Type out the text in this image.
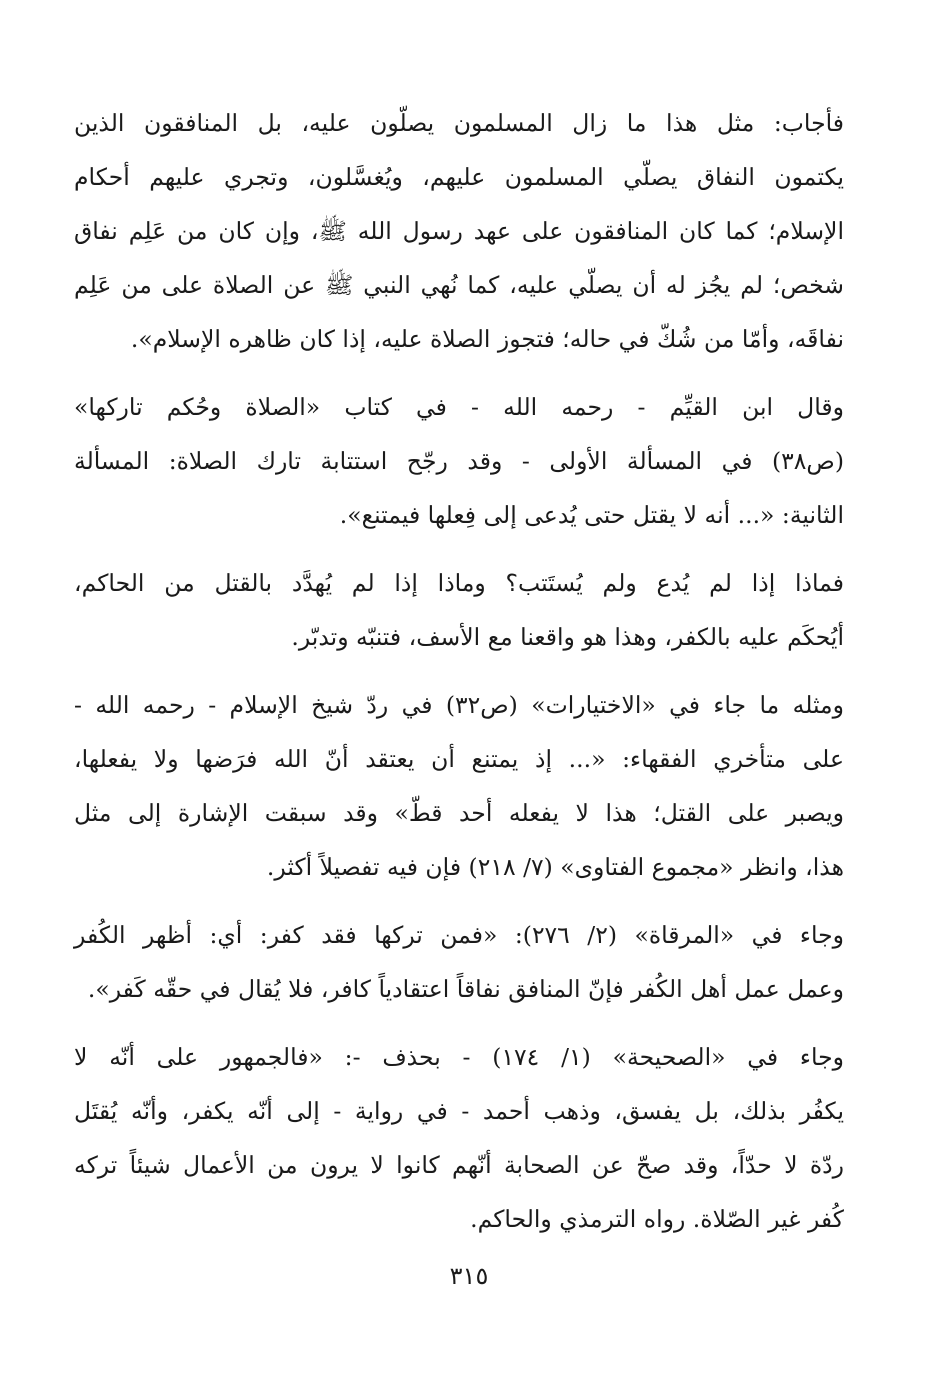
فأجاب: مثل هذا ما زال المسلمون يصلّون عليه، بل المنافقون الذين
يكتمون النفاق يصلّي المسلمون عليهم، ويُغسَّلون، وتجري عليهم أحكام
الإسلام؛ كما كان المنافقون على عهد رسول الله ﷺ، وإن كان من عَلِم نفاق
شخص؛ لم يجُز له أن يصلّي عليه، كما نُهي النبي ﷺ عن الصلاة على من عَلِم
نفاقَه، وأمّا من شُكّ في حاله؛ فتجوز الصلاة عليه، إذا كان ظاهره الإسلام».
وقال ابن القيِّم - رحمه الله - في كتاب «الصلاة وحُكم تاركها»
(ص٣٨) في المسألة الأولى - وقد رجّح استتابة تارك الصلاة: المسألة
الثانية: «... أنه لا يقتل حتى يُدعى إلى فِعلها فيمتنع».
فماذا إذا لم يُدع ولم يُستَتب؟ وماذا إذا لم يُهدَّد بالقتل من الحاكم،
أيُحكَم عليه بالكفر، وهذا هو واقعنا مع الأسف، فتنبّه وتدبّر.
ومثله ما جاء في «الاختيارات» (ص٣٢) في ردّ شيخ الإسلام - رحمه الله -
على متأخري الفقهاء: «... إذ يمتنع أن يعتقد أنّ الله فرَضها ولا يفعلها،
ويصبر على القتل؛ هذا لا يفعله أحد قطّ» وقد سبقت الإشارة إلى مثل
هذا، وانظر «مجموع الفتاوى» (٧/ ٢١٨) فإن فيه تفصيلاً أكثر.
وجاء في «المرقاة» (٢/ ٢٧٦): «فمن تركها فقد كفر: أي: أظهر الكُفر
وعمل عمل أهل الكُفر فإنّ المنافق نفاقاً اعتقادياً كافر، فلا يُقال في حقّه كَفر».
وجاء في «الصحيحة» (١/ ١٧٤) - بحذف -: «فالجمهور على أنّه لا
يكفُر بذلك، بل يفسق، وذهب أحمد - في رواية - إلى أنّه يكفر، وأنّه يُقتَل
ردّة لا حدّاً، وقد صحّ عن الصحابة أنّهم كانوا لا يرون من الأعمال شيئاً تركه
كُفر غير الصّلاة. رواه الترمذي والحاكم.
٣١٥
